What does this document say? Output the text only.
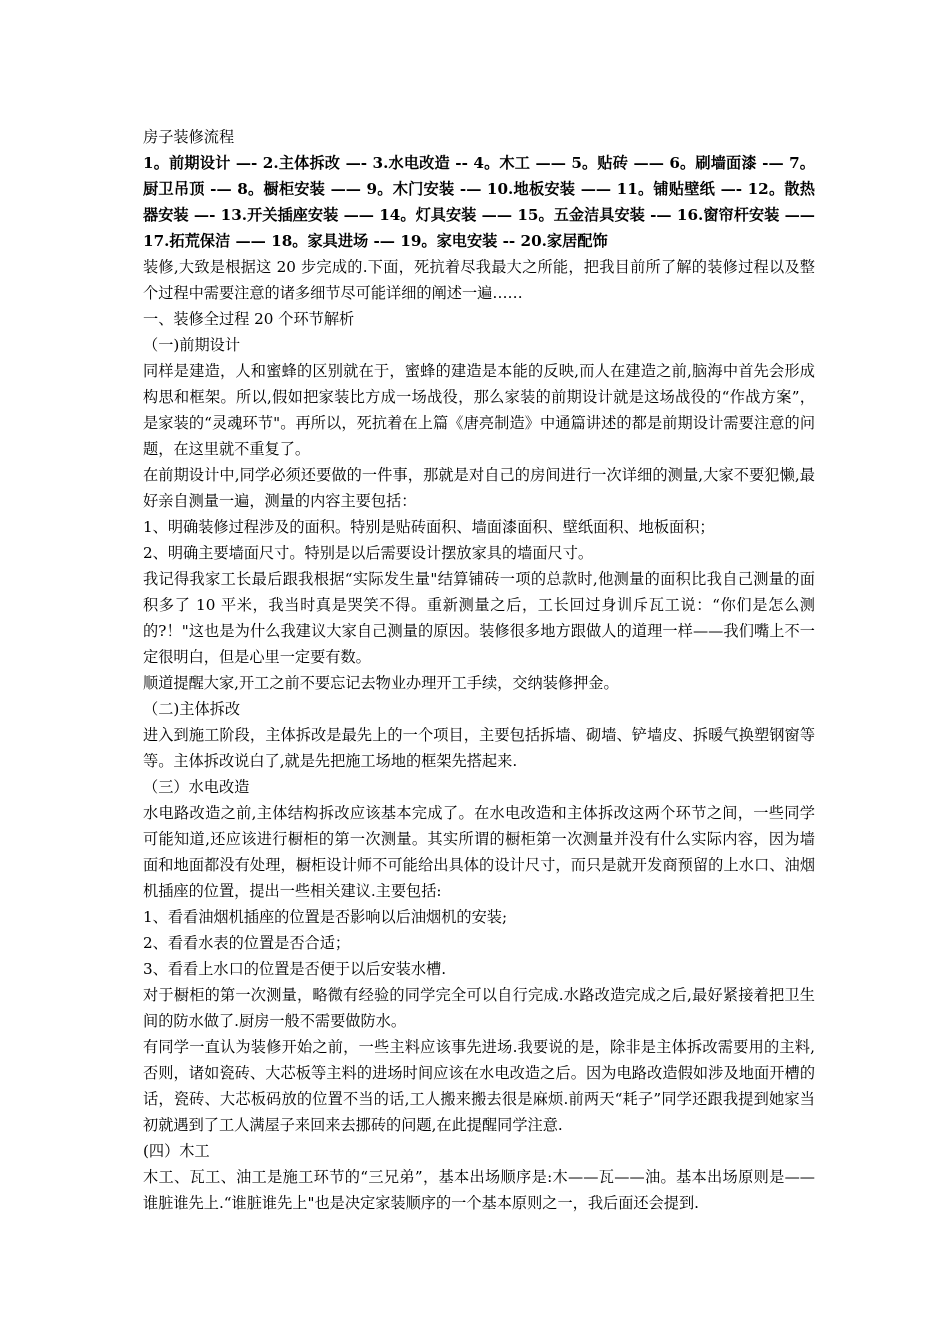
房子装修流程

1。前期设计 —- 2.主体拆改 —- 3.水电改造 -- 4。木工 —— 5。贴砖 —— 6。刷墙面漆 -— 7。厨卫吊顶 -— 8。橱柜安装 —— 9。木门安装 -— 10.地板安装 —— 11。铺贴壁纸 —- 12。散热器安装 —- 13.开关插座安装 —— 14。灯具安装 —— 15。五金洁具安装 -— 16.窗帘杆安装 —— 17.拓荒保洁 —— 18。家具进场 -— 19。家电安装 -- 20.家居配饰

装修,大致是根据这 20 步完成的.下面，死抗着尽我最大之所能，把我目前所了解的装修过程以及整个过程中需要注意的诸多细节尽可能详细的阐述一遍……

一、装修全过程 20 个环节解析

（一)前期设计

同样是建造，人和蜜蜂的区别就在于，蜜蜂的建造是本能的反映,而人在建造之前,脑海中首先会形成构思和框架。所以,假如把家装比方成一场战役，那么家装的前期设计就是这场战役的“作战方案”，是家装的“灵魂环节"。再所以，死抗着在上篇《唐亮制造》中通篇讲述的都是前期设计需要注意的问题，在这里就不重复了。

在前期设计中,同学必须还要做的一件事，那就是对自己的房间进行一次详细的测量,大家不要犯懒,最好亲自测量一遍，测量的内容主要包括：

1、明确装修过程涉及的面积。特别是贴砖面积、墙面漆面积、壁纸面积、地板面积；

2、明确主要墙面尺寸。特别是以后需要设计摆放家具的墙面尺寸。

我记得我家工长最后跟我根据“实际发生量"结算铺砖一项的总款时,他测量的面积比我自己测量的面积多了 10 平米，我当时真是哭笑不得。重新测量之后，工长回过身训斥瓦工说：“你们是怎么测的?！"这也是为什么我建议大家自己测量的原因。装修很多地方跟做人的道理一样——我们嘴上不一定很明白，但是心里一定要有数。

顺道提醒大家,开工之前不要忘记去物业办理开工手续，交纳装修押金。

（二)主体拆改

进入到施工阶段，主体拆改是最先上的一个项目，主要包括拆墙、砌墙、铲墙皮、拆暖气换塑钢窗等等。主体拆改说白了,就是先把施工场地的框架先搭起来.

（三）水电改造

水电路改造之前,主体结构拆改应该基本完成了。在水电改造和主体拆改这两个环节之间，一些同学可能知道,还应该进行橱柜的第一次测量。其实所谓的橱柜第一次测量并没有什么实际内容，因为墙面和地面都没有处理，橱柜设计师不可能给出具体的设计尺寸，而只是就开发商预留的上水口、油烟机插座的位置，提出一些相关建议.主要包括:

1、看看油烟机插座的位置是否影响以后油烟机的安装;

2、看看水表的位置是否合适；

3、看看上水口的位置是否便于以后安装水槽.

对于橱柜的第一次测量，略微有经验的同学完全可以自行完成.水路改造完成之后,最好紧接着把卫生间的防水做了.厨房一般不需要做防水。

有同学一直认为装修开始之前，一些主料应该事先进场.我要说的是，除非是主体拆改需要用的主料,否则，诸如瓷砖、大芯板等主料的进场时间应该在水电改造之后。因为电路改造假如涉及地面开槽的话，瓷砖、大芯板码放的位置不当的话,工人搬来搬去很是麻烦.前两天“耗子”同学还跟我提到她家当初就遇到了工人满屋子来回来去挪砖的问题,在此提醒同学注意.

(四）木工

木工、瓦工、油工是施工环节的“三兄弟”，基本出场顺序是:木——瓦——油。基本出场原则是——谁脏谁先上.“谁脏谁先上"也是决定家装顺序的一个基本原则之一，我后面还会提到.
